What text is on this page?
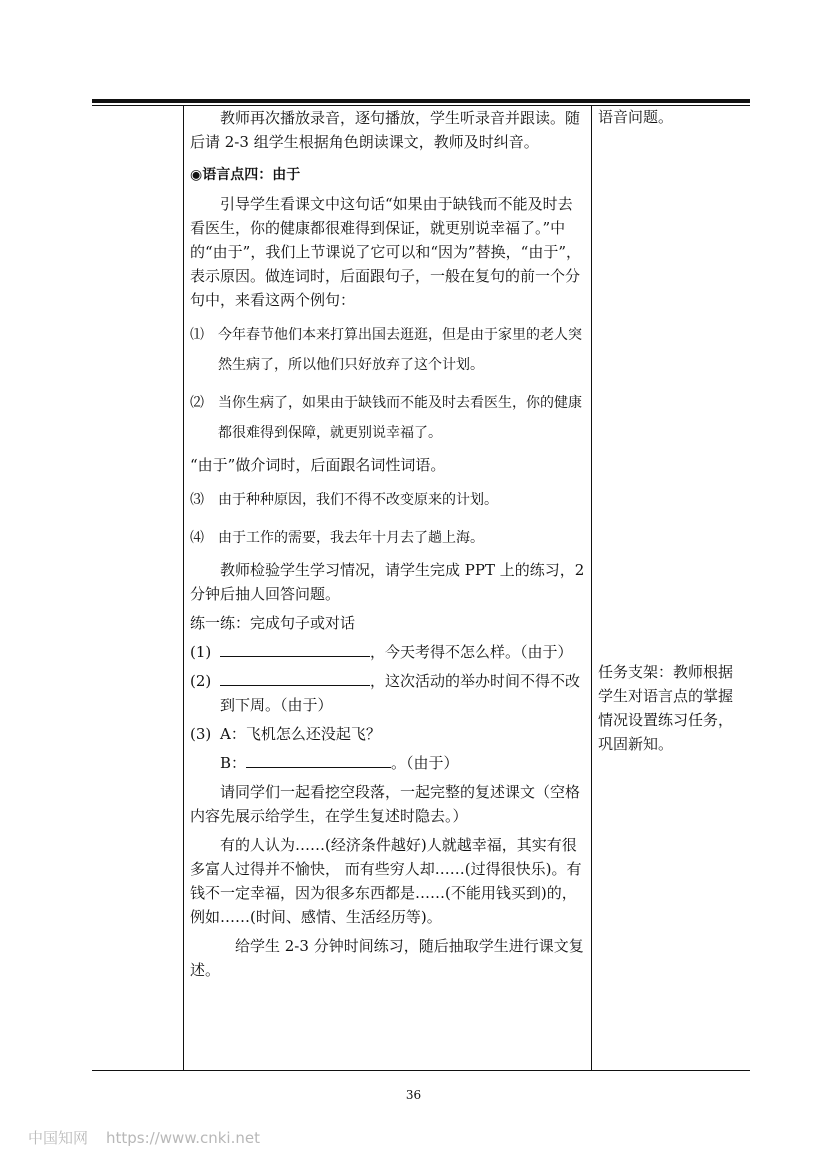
教师再次播放录音，逐句播放，学生听录音并跟读。随后请 2-3 组学生根据角色朗读课文，教师及时纠音。

◉语言点四：由于

引导学生看课文中这句话“如果由于缺钱而不能及时去看医生，你的健康都很难得到保证，就更别说幸福了。”中的“由于”，我们上节课说了它可以和“因为”替换，“由于”，表示原因。做连词时，后面跟句子，一般在复句的前一个分句中，来看这两个例句：

⑴	今年春节他们本来打算出国去逛逛，但是由于家里的老人突然生病了，所以他们只好放弃了这个计划。
⑵	当你生病了，如果由于缺钱而不能及时去看医生，你的健康都很难得到保障，就更别说幸福了。

“由于”做介词时，后面跟名词性词语。

⑶	由于种种原因，我们不得不改变原来的计划。
⑷	由于工作的需要，我去年十月去了趟上海。

教师检验学生学习情况，请学生完成 PPT 上的练习，2 分钟后抽人回答问题。

练一练：完成句子或对话

(1)	，今天考得不怎么样。（由于）
(2)	，这次活动的举办时间不得不改到下周。（由于）
(3) A：飞机怎么还没起飞？
B：	。（由于）

请同学们一起看挖空段落，一起完整的复述课文（空格内容先展示给学生，在学生复述时隐去。）

有的人认为……(经济条件越好)人就越幸福，其实有很多富人过得并不愉快， 而有些穷人却……(过得很快乐)。有钱不一定幸福，因为很多东西都是……(不能用钱买到)的，例如……(时间、感情、生活经历等)。

给学生 2-3 分钟时间练习，随后抽取学生进行课文复述。

语音问题。
任务支架：教师根据学生对语言点的掌握情况设置练习任务，巩固新知。
36
中国知网 https://www.cnki.net
